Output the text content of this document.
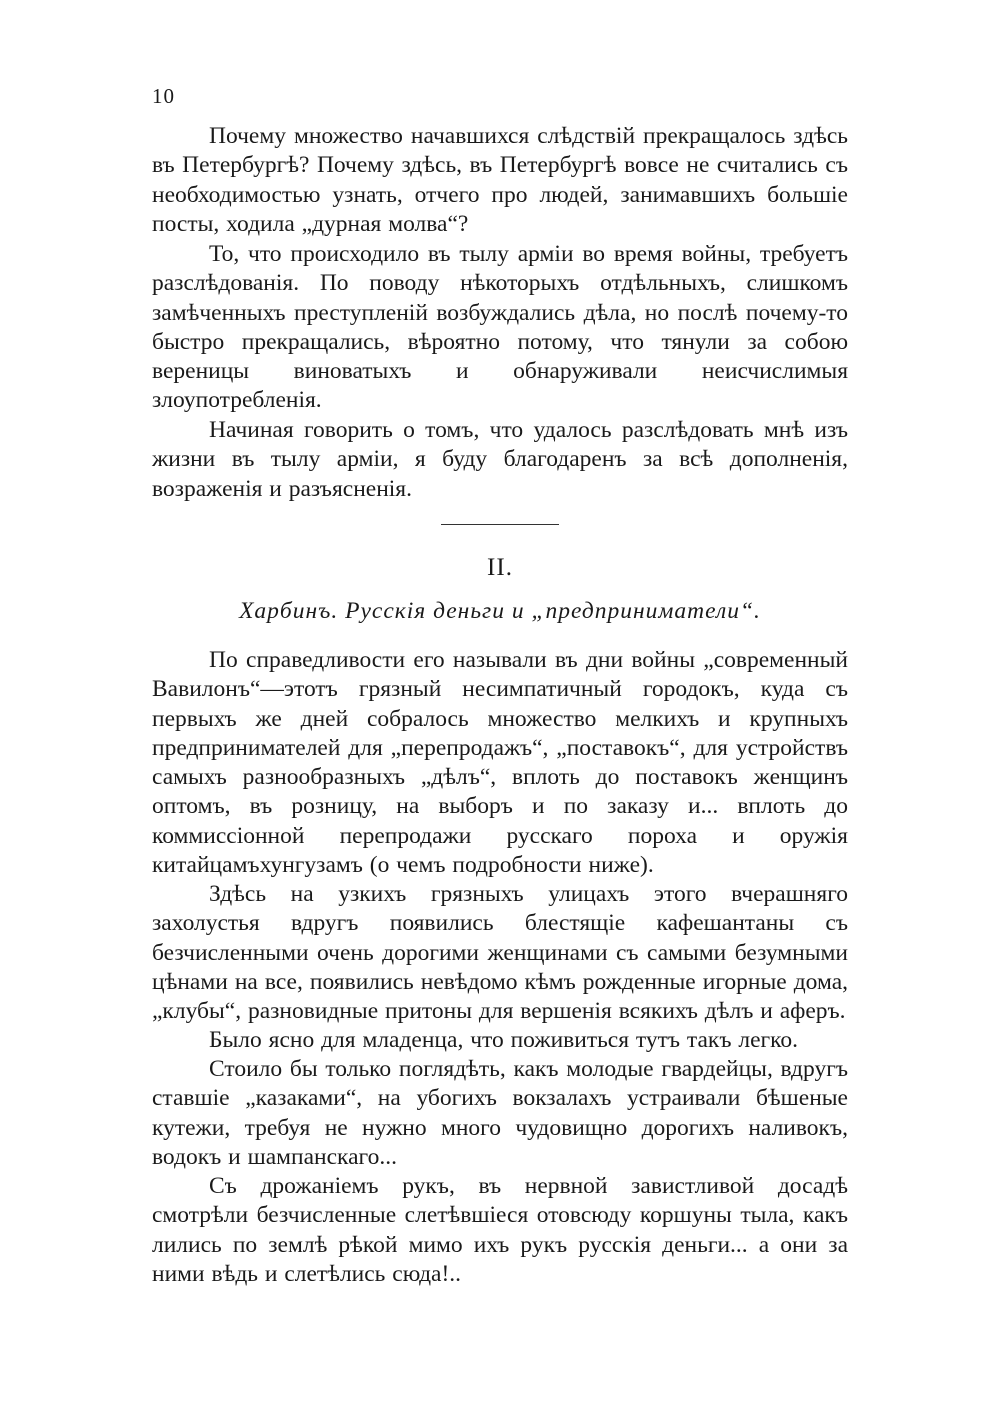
10

Почему множество начавшихся слѣдствій прекращалось здѣсь въ Петербургѣ? Почему здѣсь, въ Петербургѣ вовсе не считались съ необходимостью узнать, отчего про людей, занимавшихъ большіе посты, ходила „дурная молва“?

То, что происходило въ тылу арміи во время войны, требуетъ разслѣдованія. По поводу нѣкоторыхъ отдѣльныхъ, слишкомъ замѣченныхъ преступленій возбуждались дѣла, но послѣ почему-то быстро прекращались, вѣроятно потому, что тянули за собою вереницы виноватыхъ и обнаруживали неисчислимыя злоупотребленія.

Начиная говорить о томъ, что удалось разслѣдовать мнѣ изъ жизни въ тылу арміи, я буду благодаренъ за всѣ дополненія, возраженія и разъясненія.

II.
Харбинъ. Русскія деньги и „предприниматели“.

По справедливости его называли въ дни войны „современный Вавилонъ“—этотъ грязный несимпатичный городокъ, куда съ первыхъ же дней собралось множество мелкихъ и крупныхъ предпринимателей для „перепродажъ“, „поставокъ“, для устройствъ самыхъ разнообразныхъ „дѣлъ“, вплоть до поставокъ женщинъ оптомъ, въ розницу, на выборъ и по заказу и... вплоть до коммиссіонной перепродажи русскаго пороха и оружія китайцамъхунгузамъ (о чемъ подробности ниже).

Здѣсь на узкихъ грязныхъ улицахъ этого вчерашняго захолустья вдругъ появились блестящіе кафешантаны съ безчисленными очень дорогими женщинами съ самыми безумными цѣнами на все, появились невѣдомо кѣмъ рожденные игорные дома, „клубы“, разновидные притоны для вершенія всякихъ дѣлъ и аферъ.

Было ясно для младенца, что поживиться тутъ такъ легко.

Стоило бы только поглядѣть, какъ молодые гвардейцы, вдругъ ставшіе „казаками“, на убогихъ вокзалахъ устраивали бѣшеные кутежи, требуя не нужно много чудовищно дорогихъ наливокъ, водокъ и шампанскаго...

Съ дрожаніемъ рукъ, въ нервной завистливой досадѣ смотрѣли безчисленные слетѣвшіеся отовсюду коршуны тыла, какъ лились по землѣ рѣкой мимо ихъ рукъ русскія деньги... а они за ними вѣдь и слетѣлись сюда!..
